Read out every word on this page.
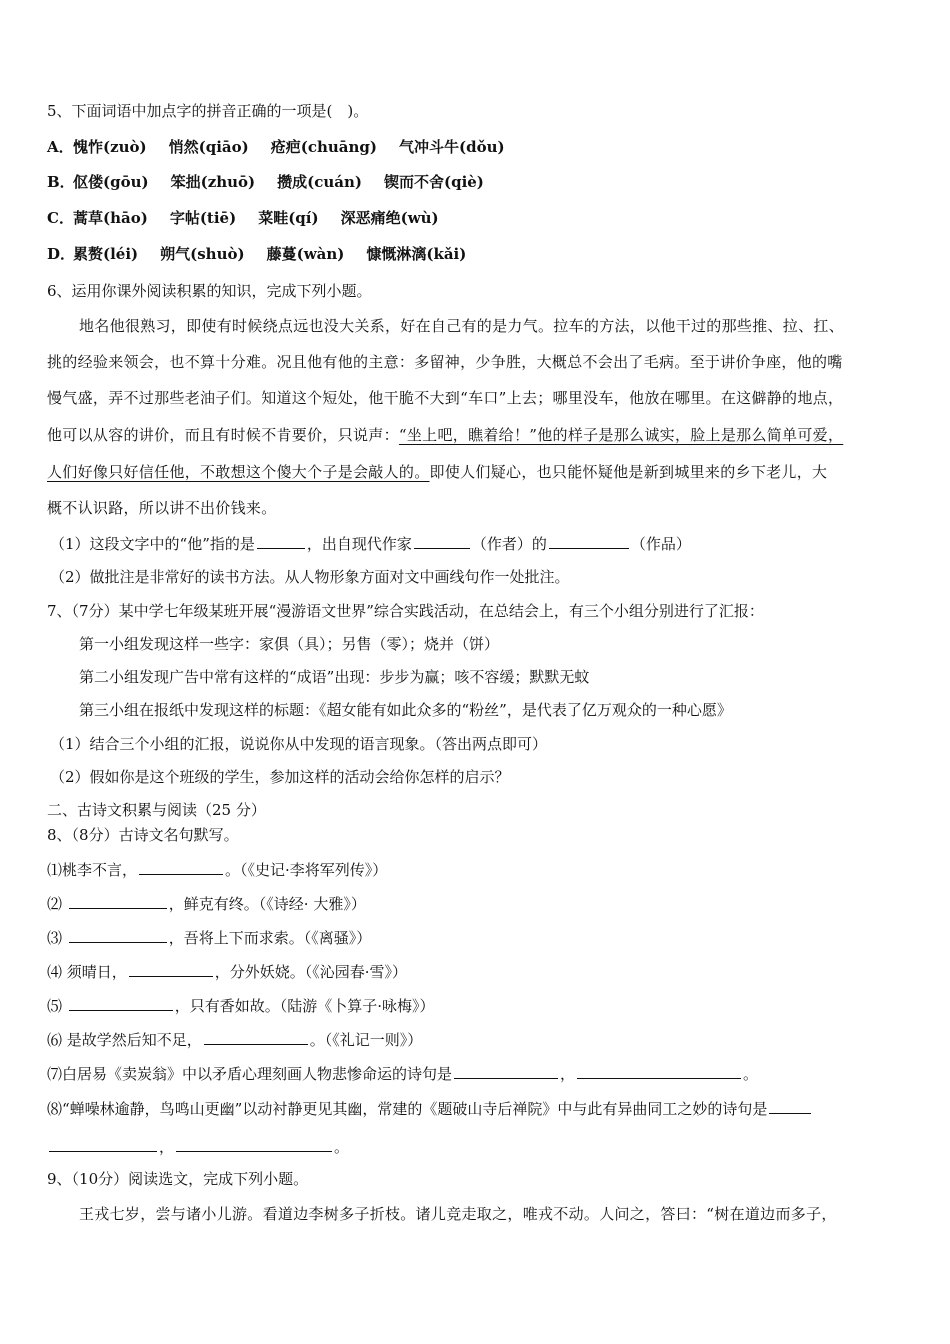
5、下面词语中加点字的拼音正确的一项是(　)。
A．愧怍(zuò) 悄然(qiāo) 疮疤(chuāng) 气冲斗牛(dǒu)
B．伛偻(gōu) 笨拙(zhuō) 攒成(cuán) 锲而不舍(qiè)
C．蒿草(hāo) 字帖(tiē) 菜畦(qí) 深恶痛绝(wù)
D．累赘(léi) 朔气(shuò) 藤蔓(wàn) 慷慨淋漓(kǎi)
6、运用你课外阅读积累的知识，完成下列小题。
地名他很熟习，即使有时候绕点远也没大关系，好在自己有的是力气。拉车的方法，以他干过的那些推、拉、扛、
挑的经验来领会，也不算十分难。况且他有他的主意：多留神，少争胜，大概总不会出了毛病。至于讲价争座，他的嘴
慢气盛，弄不过那些老油子们。知道这个短处，他干脆不大到“车口”上去；哪里没车，他放在哪里。在这僻静的地点，
他可以从容的讲价，而且有时候不肯要价，只说声：“坐上吧，瞧着给！”他的样子是那么诚实，脸上是那么简单可爱，
人们好像只好信任他，不敢想这个傻大个子是会敲人的。即使人们疑心，也只能怀疑他是新到城里来的乡下老儿，大
概不认识路，所以讲不出价钱来。
（1）这段文字中的“他”指的是	，出自现代作家	（作者）的	（作品）
（2）做批注是非常好的读书方法。从人物形象方面对文中画线句作一处批注。
7、（7分）某中学七年级某班开展“漫游语文世界”综合实践活动，在总结会上，有三个小组分别进行了汇报：
第一小组发现这样一些字：家俱（具）；另售（零）；烧并（饼）
第二小组发现广告中常有这样的“成语”出现：步步为赢；咳不容缓；默默无蚊
第三小组在报纸中发现这样的标题：《超女能有如此众多的“粉丝”，是代表了亿万观众的一种心愿》
（1）结合三个小组的汇报，说说你从中发现的语言现象。（答出两点即可）
（2）假如你是这个班级的学生，参加这样的活动会给你怎样的启示？
二、古诗文积累与阅读（25 分）
8、（8分）古诗文名句默写。
⑴桃李不言，	。（《史记·李将军列传》）
⑵	，鲜克有终。（《诗经· 大雅》）
⑶	，吾将上下而求索。（《离骚》）
⑷ 须晴日，	，分外妖娆。（《沁园春·雪》）
⑸	，只有香如故。（陆游《卜算子·咏梅》）
⑹ 是故学然后知不足，	。（《礼记一则》）
⑺白居易《卖炭翁》中以矛盾心理刻画人物悲惨命运的诗句是	，	。
⑻“蝉噪林逾静，鸟鸣山更幽”以动衬静更见其幽，常建的《题破山寺后禅院》中与此有异曲同工之妙的诗句是
，	。
9、（10分）阅读选文，完成下列小题。
王戎七岁，尝与诸小儿游。看道边李树多子折枝。诸儿竞走取之，唯戎不动。人问之，答曰：“树在道边而多子，
